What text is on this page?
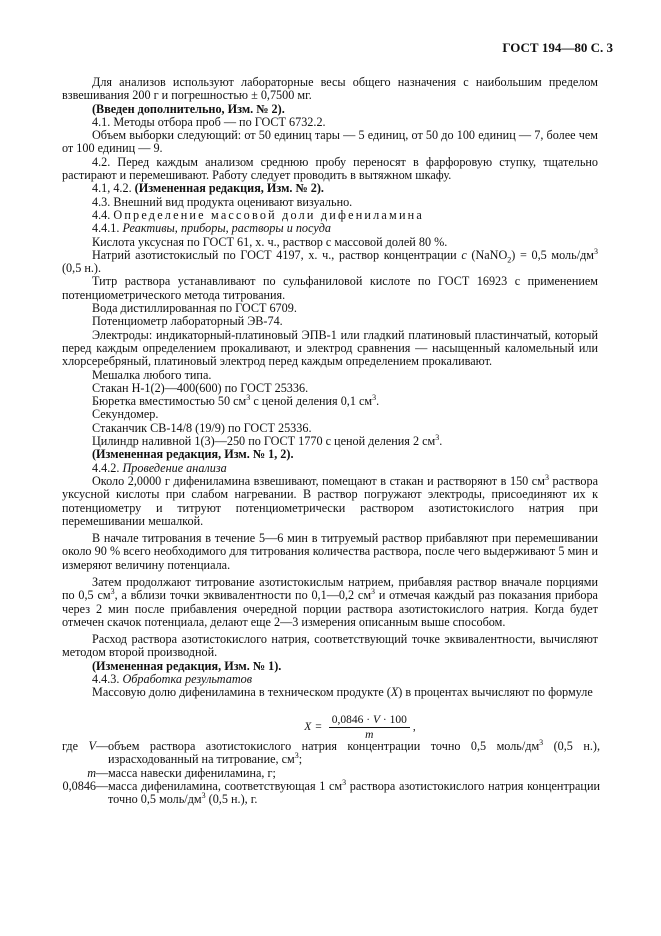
ГОСТ 194—80 С. 3

Для анализов используют лабораторные весы общего назначения с наибольшим пределом взвешивания 200 г и погрешностью ± 0,7500 мг.

(Введен дополнительно, Изм. № 2).

4.1. Методы отбора проб — по ГОСТ 6732.2.

Объем выборки следующий: от 50 единиц тары — 5 единиц, от 50 до 100 единиц — 7, более чем от 100 единиц — 9.

4.2. Перед каждым анализом среднюю пробу переносят в фарфоровую ступку, тщательно растирают и перемешивают. Работу следует проводить в вытяжном шкафу.

4.1, 4.2. (Измененная редакция, Изм. № 2).

4.3. Внешний вид продукта оценивают визуально.

4.4. Определение массовой доли дифениламина

4.4.1. Реактивы, приборы, растворы и посуда

Кислота уксусная по ГОСТ 61, х. ч., раствор с массовой долей 80 %.

Натрий азотистокислый по ГОСТ 4197, х. ч., раствор концентрации c (NaNO$_2$) = 0,5 моль/$дм^3$ (0,5 н.).

Титр раствора устанавливают по сульфаниловой кислоте по ГОСТ 16923 с применением потенциометрического метода титрования.

Вода дистиллированная по ГОСТ 6709.

Потенциометр лабораторный ЭВ-74.

Электроды: индикаторный-платиновый ЭПВ-1 или гладкий платиновый пластинчатый, который перед каждым определением прокаливают, и электрод сравнения — насыщенный каломельный или хлорсеребряный, платиновый электрод перед каждым определением прокаливают.

Мешалка любого типа.

Стакан Н-1(2)—400(600) по ГОСТ 25336.

Бюретка вместимостью 50 $см^3$ с ценой деления 0,1 $см^3$.

Секундомер.

Стаканчик СВ-14/8 (19/9) по ГОСТ 25336.

Цилиндр наливной 1(3)—250 по ГОСТ 1770 с ценой деления 2 $см^3$.

(Измененная редакция, Изм. № 1, 2).

4.4.2. Проведение анализа

Около 2,0000 г дифениламина взвешивают, помещают в стакан и растворяют в 150 $см^3$ раствора уксусной кислоты при слабом нагревании. В раствор погружают электроды, присоединяют их к потенциометру и титруют потенциометрически раствором азотистокислого натрия при перемешивании мешалкой.

В начале титрования в течение 5—6 мин в титруемый раствор прибавляют при перемешивании около 90 % всего необходимого для титрования количества раствора, после чего выдерживают 5 мин и измеряют величину потенциала.

Затем продолжают титрование азотистокислым натрием, прибавляя раствор вначале порциями по 0,5 $см^3$, а вблизи точки эквивалентности по 0,1—0,2 $см^3$ и отмечая каждый раз показания прибора через 2 мин после прибавления очередной порции раствора азотистокислого натрия. Когда будет отмечен скачок потенциала, делают еще 2—3 измерения описанным выше способом.

Расход раствора азотистокислого натрия, соответствующий точке эквивалентности, вычисляют методом второй производной.

(Измененная редакция, Изм. № 1).

4.4.3. Обработка результатов

Массовую долю дифениламина в техническом продукте (X) в процентах вычисляют по формуле

$X = \frac{0,0846 \cdot V \cdot 100}{m}$ ,
где V — объем раствора азотистокислого натрия концентрации точно 0,5 моль/$дм^3$ (0,5 н.), израсходованный на титрование, $см^3$;
m — масса навески дифениламина, г;
0,0846 — масса дифениламина, соответствующая 1 $см^3$ раствора азотистокислого натрия концентрации точно 0,5 моль/$дм^3$ (0,5 н.), г.
